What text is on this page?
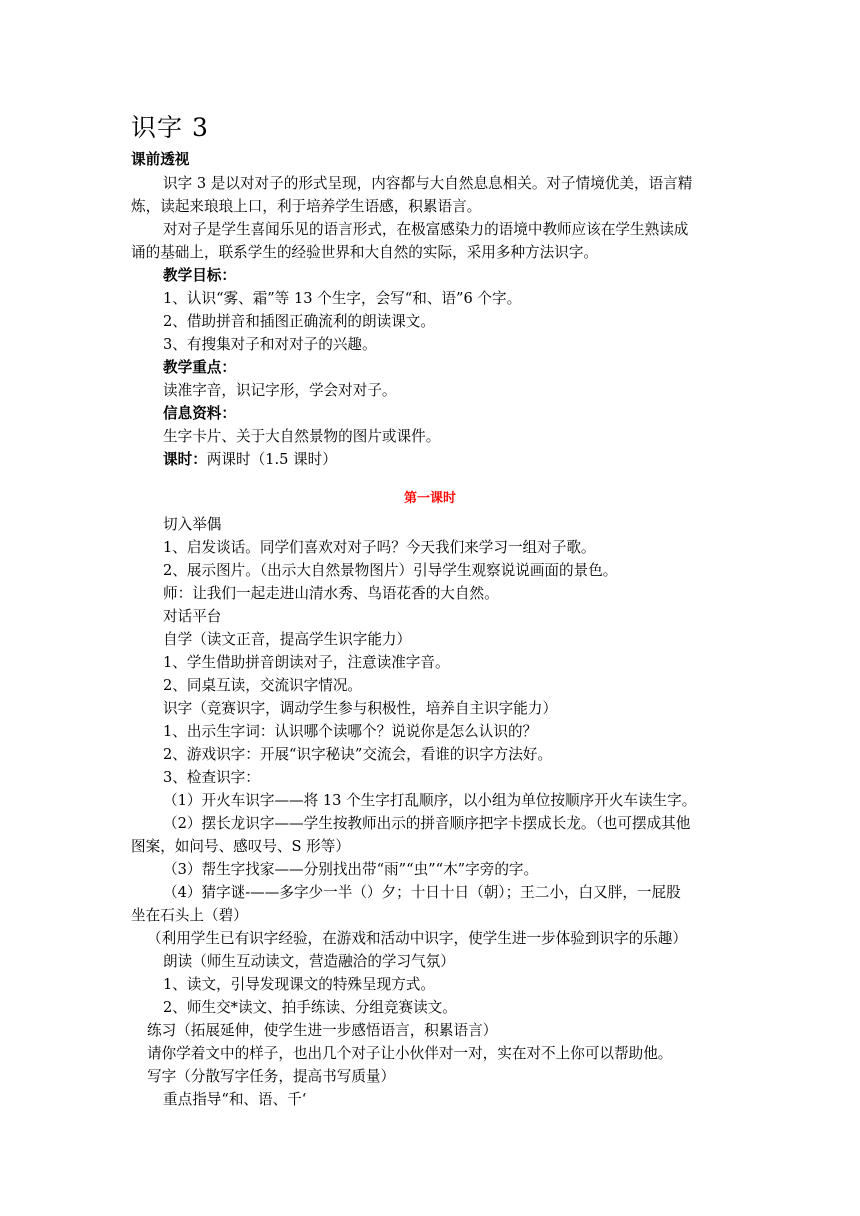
识字 3
课前透视
识字 3 是以对对子的形式呈现，内容都与大自然息息相关。对子情境优美，语言精
炼，读起来琅琅上口，利于培养学生语感，积累语言。
对对子是学生喜闻乐见的语言形式，在极富感染力的语境中教师应该在学生熟读成
诵的基础上，联系学生的经验世界和大自然的实际，采用多种方法识字。
教学目标：
1、认识“雾、霜”等 13 个生字，会写“和、语”6 个字。
2、借助拼音和插图正确流利的朗读课文。
3、有搜集对子和对对子的兴趣。
教学重点：
读准字音，识记字形，学会对对子。
信息资料：
生字卡片、关于大自然景物的图片或课件。
课时：两课时（1.5 课时）
第一课时
切入举偶
1、启发谈话。同学们喜欢对对子吗？今天我们来学习一组对子歌。
2、展示图片。（出示大自然景物图片）引导学生观察说说画面的景色。
师：让我们一起走进山清水秀、鸟语花香的大自然。
对话平台
自学（读文正音，提高学生识字能力）
1、学生借助拼音朗读对子，注意读准字音。
2、同桌互读，交流识字情况。
识字（竞赛识字，调动学生参与积极性，培养自主识字能力）
1、出示生字词：认识哪个读哪个？说说你是怎么认识的？
2、游戏识字：开展“识字秘诀”交流会，看谁的识字方法好。
3、检查识字：
（1）开火车识字——将 13 个生字打乱顺序，以小组为单位按顺序开火车读生字。
（2）摆长龙识字——学生按教师出示的拼音顺序把字卡摆成长龙。（也可摆成其他
图案，如问号、感叹号、S 形等）
（3）帮生字找家——分别找出带“雨”“虫”“木”字旁的字。
（4）猜字谜-——多字少一半（）夕；十日十日（朝）；王二小，白又胖，一屁股
坐在石头上（碧）
（利用学生已有识字经验，在游戏和活动中识字，使学生进一步体验到识字的乐趣）
朗读（师生互动读文，营造融洽的学习气氛）
1、读文，引导发现课文的特殊呈现方式。
2、师生交*读文、拍手练读、分组竞赛读文。
练习（拓展延伸，使学生进一步感悟语言，积累语言）
请你学着文中的样子，也出几个对子让小伙伴对一对，实在对不上你可以帮助他。
写字（分散写字任务，提高书写质量）
重点指导“和、语、千‘
